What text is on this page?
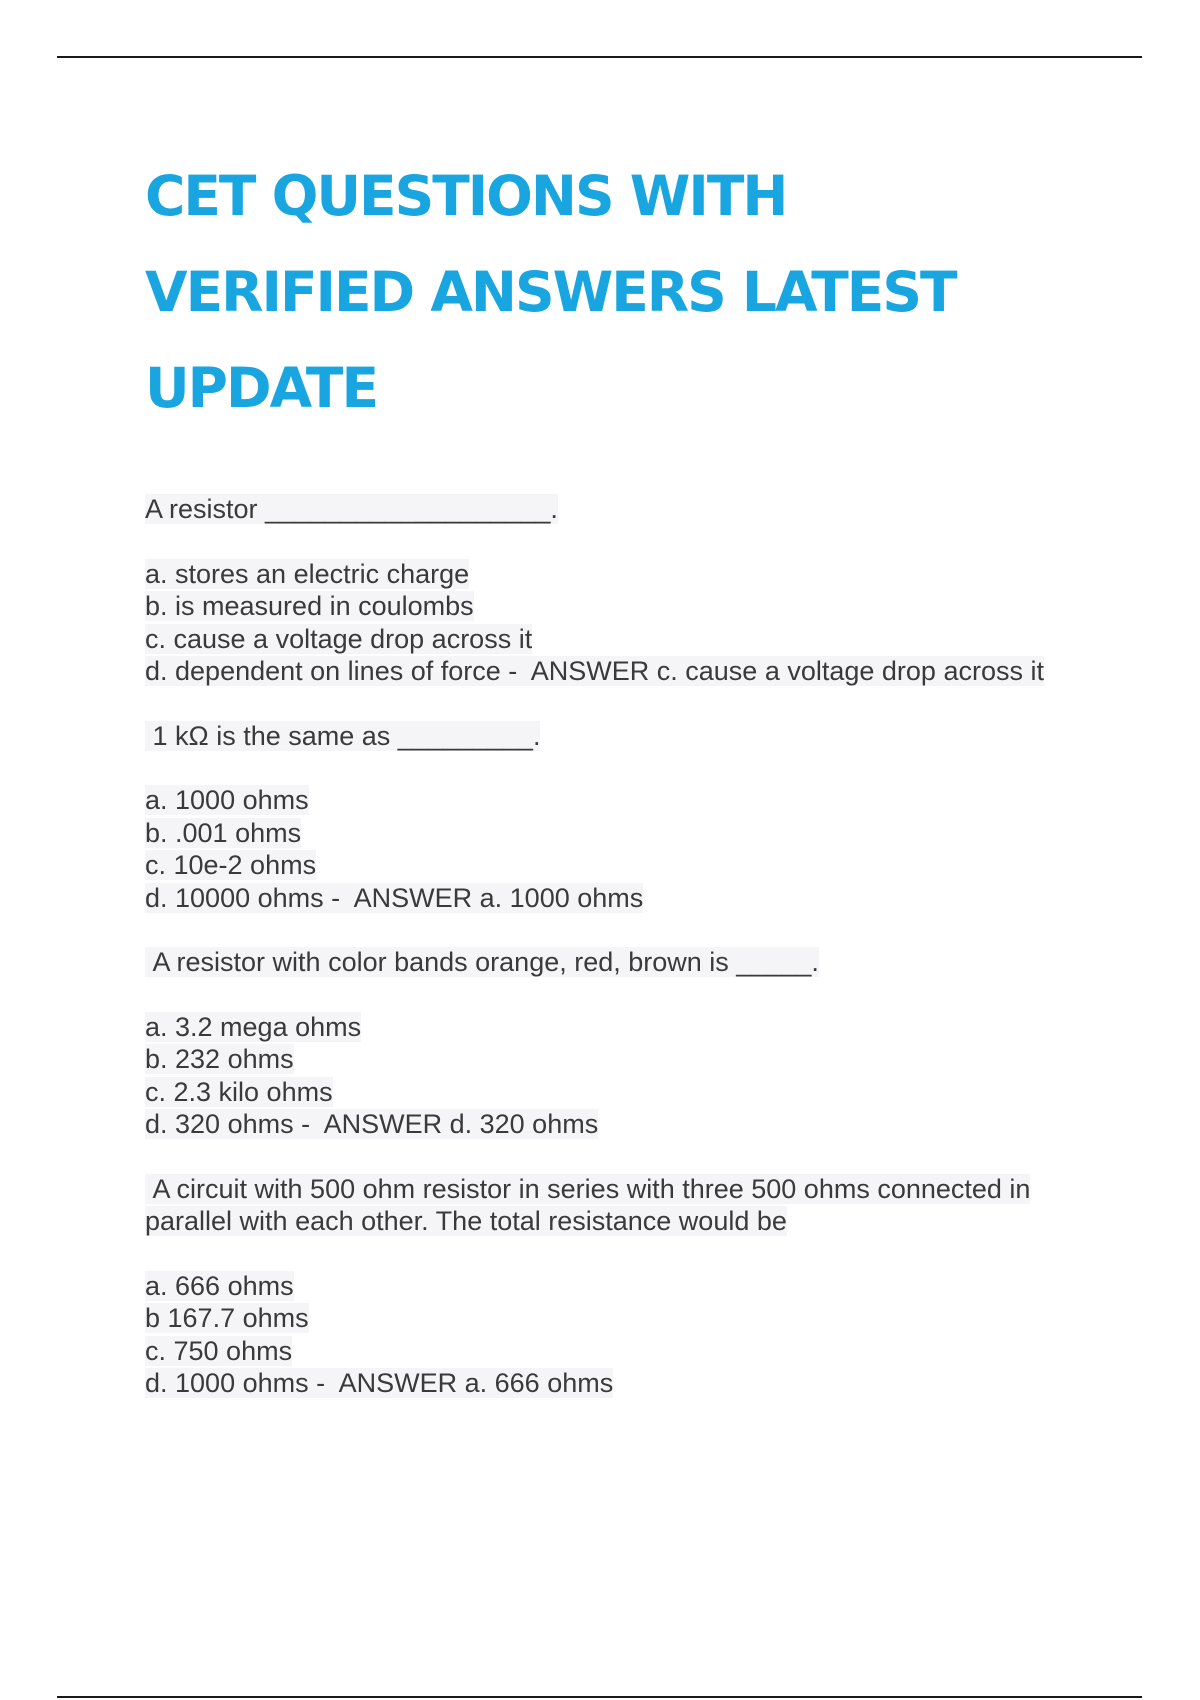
CET QUESTIONS WITH
VERIFIED ANSWERS LATEST
UPDATE

A resistor ___________________.

a. stores an electric charge
b. is measured in coulombs
c. cause a voltage drop across it
d. dependent on lines of force -  ANSWER c. cause a voltage drop across it

1 kΩ is the same as _________.

a. 1000 ohms
b. .001 ohms
c. 10e-2 ohms
d. 10000 ohms -  ANSWER a. 1000 ohms

A resistor with color bands orange, red, brown is _____.

a. 3.2 mega ohms
b. 232 ohms
c. 2.3 kilo ohms
d. 320 ohms -  ANSWER d. 320 ohms

A circuit with 500 ohm resistor in series with three 500 ohms connected in
parallel with each other. The total resistance would be

a. 666 ohms
b 167.7 ohms
c. 750 ohms
d. 1000 ohms -  ANSWER a. 666 ohms
